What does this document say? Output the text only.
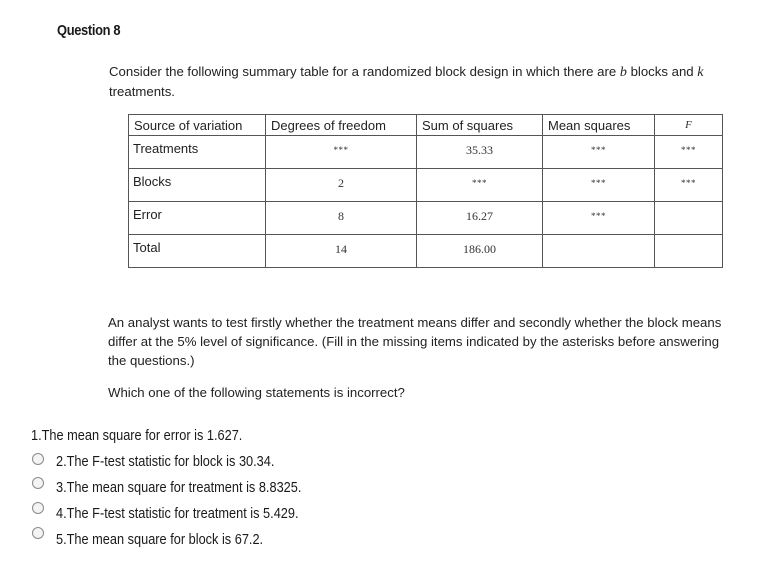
Question 8
Consider the following summary table for a randomized block design in which there are b blocks and k treatments.
Source of variation	Degrees of freedom	Sum of squares	Mean squares	F

Treatments	***	35.33	***	***

Blocks	2	***	***	***

Error	8	16.27	***	

Total	14	186.00		

An analyst wants to test firstly whether the treatment means differ and secondly whether the block means differ at the 5% level of significance. (Fill in the missing items indicated by the asterisks before answering the questions.)
Which one of the following statements is incorrect?
1.The mean square for error is 1.627.
2.The F-test statistic for block is 30.34.
3.The mean square for treatment is 8.8325.
4.The F-test statistic for treatment is 5.429.
5.The mean square for block is 67.2.
